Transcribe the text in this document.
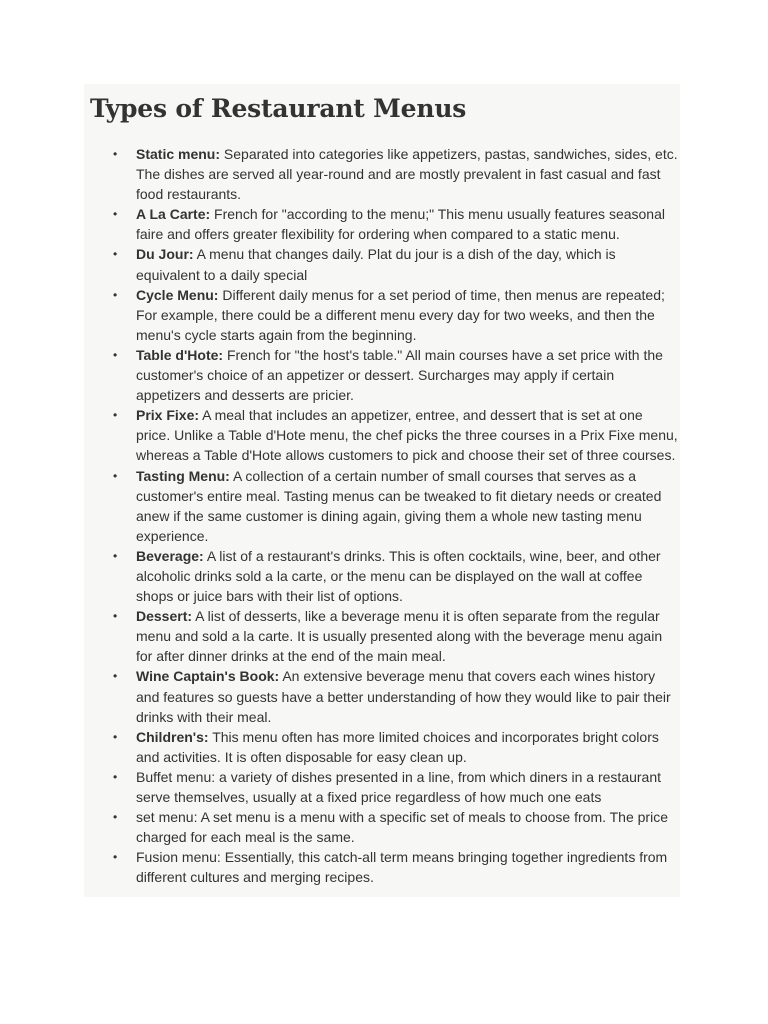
Types of Restaurant Menus
• Static menu: Separated into categories like appetizers, pastas, sandwiches, sides, etc. The dishes are served all year-round and are mostly prevalent in fast casual and fast food restaurants.
• A La Carte: French for "according to the menu;" This menu usually features seasonal faire and offers greater flexibility for ordering when compared to a static menu.
• Du Jour: A menu that changes daily. Plat du jour is a dish of the day, which is equivalent to a daily special
• Cycle Menu: Different daily menus for a set period of time, then menus are repeated; For example, there could be a different menu every day for two weeks, and then the menu's cycle starts again from the beginning.
• Table d'Hote: French for "the host's table." All main courses have a set price with the customer's choice of an appetizer or dessert. Surcharges may apply if certain appetizers and desserts are pricier.
• Prix Fixe: A meal that includes an appetizer, entree, and dessert that is set at one price. Unlike a Table d'Hote menu, the chef picks the three courses in a Prix Fixe menu, whereas a Table d'Hote allows customers to pick and choose their set of three courses.
• Tasting Menu: A collection of a certain number of small courses that serves as a customer's entire meal. Tasting menus can be tweaked to fit dietary needs or created anew if the same customer is dining again, giving them a whole new tasting menu experience.
• Beverage: A list of a restaurant's drinks. This is often cocktails, wine, beer, and other alcoholic drinks sold a la carte, or the menu can be displayed on the wall at coffee shops or juice bars with their list of options.
• Dessert: A list of desserts, like a beverage menu it is often separate from the regular menu and sold a la carte. It is usually presented along with the beverage menu again for after dinner drinks at the end of the main meal.
• Wine Captain's Book: An extensive beverage menu that covers each wines history and features so guests have a better understanding of how they would like to pair their drinks with their meal.
• Children's: This menu often has more limited choices and incorporates bright colors and activities. It is often disposable for easy clean up.
• Buffet menu: a variety of dishes presented in a line, from which diners in a restaurant serve themselves, usually at a fixed price regardless of how much one eats
• set menu: A set menu is a menu with a specific set of meals to choose from. The price charged for each meal is the same.
• Fusion menu: Essentially, this catch-all term means bringing together ingredients from different cultures and merging recipes.
